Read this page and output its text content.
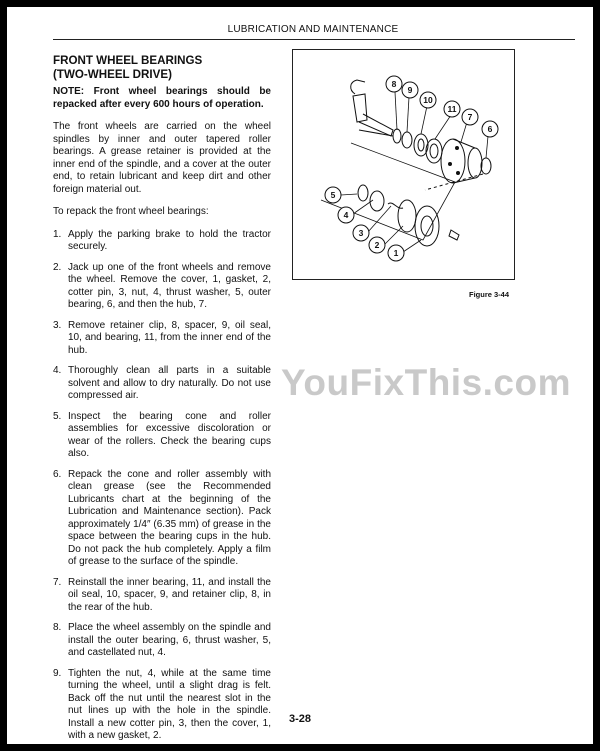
LUBRICATION AND MAINTENANCE
FRONT WHEEL BEARINGS
(TWO-WHEEL DRIVE)

NOTE: Front wheel bearings should be repacked after every 600 hours of operation.

The front wheels are carried on the wheel spindles by inner and outer tapered roller bearings. A grease retainer is provided at the inner end of the spindle, and a cover at the outer end, to retain lubricant and keep dirt and other foreign material out.

To repack the front wheel bearings:

1. Apply the parking brake to hold the tractor securely.
2. Jack up one of the front wheels and remove the wheel. Remove the cover, 1, gasket, 2, cotter pin, 3, nut, 4, thrust washer, 5, outer bearing, 6, and then the hub, 7.
3. Remove retainer clip, 8, spacer, 9, oil seal, 10, and bearing, 11, from the inner end of the hub.
4. Thoroughly clean all parts in a suitable solvent and allow to dry naturally. Do not use compressed air.
5. Inspect the bearing cone and roller assemblies for excessive discoloration or wear of the rollers. Check the bearing cups also.
6. Repack the cone and roller assembly with clean grease (see the Recommended Lubricants chart at the beginning of the Lubrication and Maintenance section). Pack approximately 1/4″ (6.35 mm) of grease in the space between the bearing cups in the hub. Do not pack the hub completely. Apply a film of grease to the surface of the spindle.
7. Reinstall the inner bearing, 11, and install the oil seal, 10, spacer, 9, and retainer clip, 8, in the rear of the hub.
8. Place the wheel assembly on the spindle and install the outer bearing, 6, thrust washer, 5, and castellated nut, 4.
9. Tighten the nut, 4, while at the same time turning the wheel, until a slight drag is felt. Back off the nut until the nearest slot in the nut lines up with the hole in the spindle. Install a new cotter pin, 3, then the cover, 1, with a new gasket, 2.
8
9
10
11
7
6
5
4
3
2
1
Figure 3-44
YouFixThis.com
3-28
